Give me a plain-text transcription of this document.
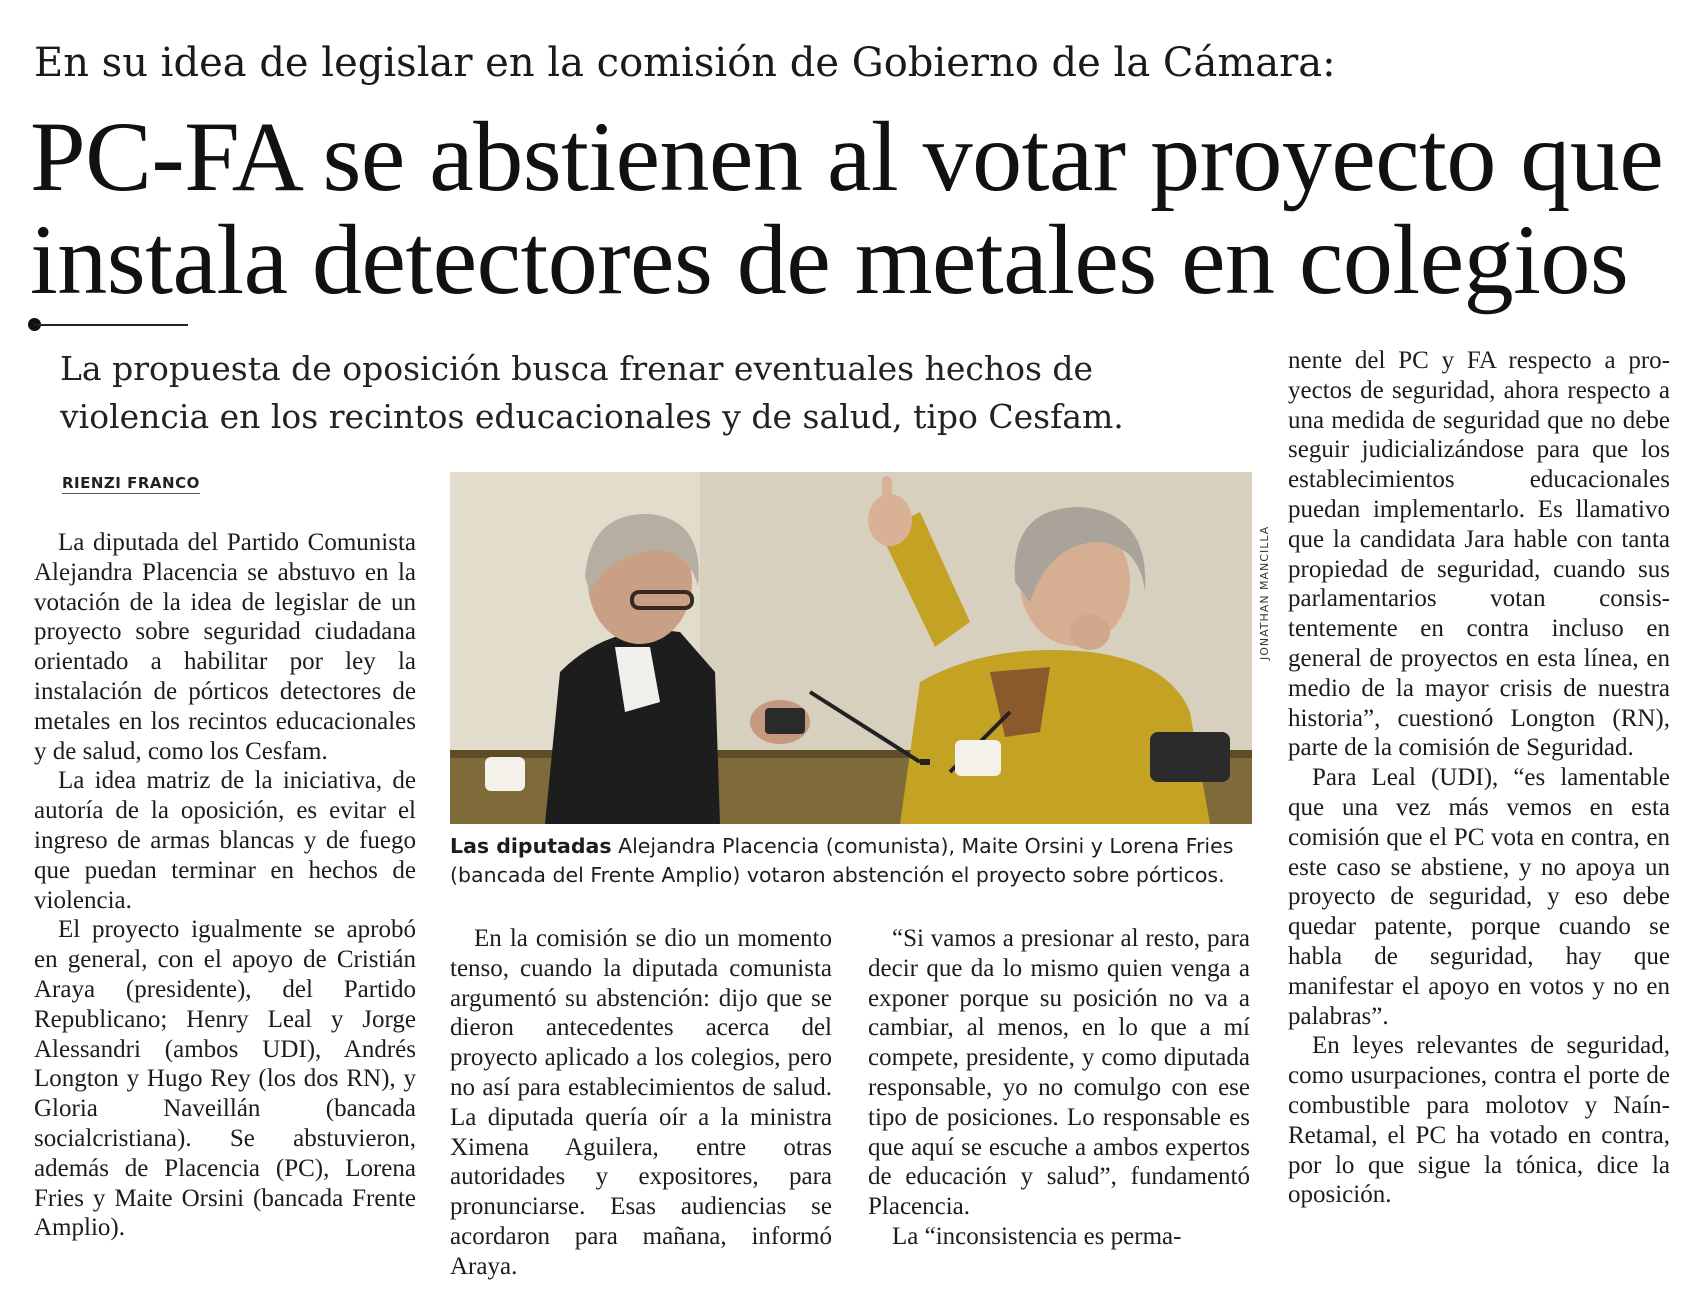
En su idea de legislar en la comisión de Gobierno de la Cámara:
PC-FA se abstienen al votar proyecto que
instala detectores de metales en colegios
La propuesta de oposición busca frenar eventuales hechos de violencia en los recintos educacionales y de salud, tipo Cesfam.
RIENZI FRANCO

La diputada del Partido Comunista Alejandra Placencia se abstuvo en la votación de la idea de legislar de un proyecto sobre seguridad ciudadana orientado a habilitar por ley la instalación de pórticos detectores de metales en los recintos educacionales y de salud, como los Cesfam.

La idea matriz de la iniciativa, de autoría de la oposición, es evitar el ingreso de armas blancas y de fuego que puedan terminar en hechos de violencia.

El proyecto igualmente se aprobó en general, con el apoyo de Cristián Araya (presidente), del Partido Republicano; Henry Leal y Jorge Alessandri (ambos UDI), Andrés Longton y Hugo Rey (los dos RN), y Gloria Naveillán (bancada socialcristiana). Se abstuvieron, además de Placencia (PC), Lorena Fries y Maite Orsini (bancada Frente Amplio).

JONATHAN MANCILLA
Las diputadas Alejandra Placencia (comunista), Maite Orsini y Lorena Fries (bancada del Frente Amplio) votaron abstención el proyecto sobre pórticos.

En la comisión se dio un momento tenso, cuando la diputada comunista argumentó su abstención: dijo que se dieron antecedentes acerca del proyecto aplicado a los colegios, pero no así para establecimientos de salud. La diputada quería oír a la ministra Ximena Aguilera, entre otras autoridades y expositores, para pronunciarse. Esas audiencias se acordaron para mañana, informó Araya.

“Si vamos a presionar al resto, para decir que da lo mismo quien venga a exponer porque su posición no va a cambiar, al menos, en lo que a mí compete, presidente, y como diputada responsable, yo no comulgo con ese tipo de posiciones. Lo responsable es que aquí se escuche a ambos expertos de educación y salud”, fundamentó Placencia.

La “inconsistencia es perma-

nente del PC y FA respecto a proyectos de seguridad, ahora respecto a una medida de seguridad que no debe seguir judicializándose para que los establecimientos educacionales puedan implementarlo. Es llamativo que la candidata Jara hable con tanta propiedad de seguridad, cuando sus parlamentarios votan consistentemente en contra incluso en general de proyectos en esta línea, en medio de la mayor crisis de nuestra historia”, cuestionó Longton (RN), parte de la comisión de Seguridad.

Para Leal (UDI), “es lamentable que una vez más vemos en esta comisión que el PC vota en contra, en este caso se abstiene, y no apoya un proyecto de seguridad, y eso debe quedar patente, porque cuando se habla de seguridad, hay que manifestar el apoyo en votos y no en palabras”.

En leyes relevantes de seguridad, como usurpaciones, contra el porte de combustible para molotov y Naín-Retamal, el PC ha votado en contra, por lo que sigue la tónica, dice la oposición.
